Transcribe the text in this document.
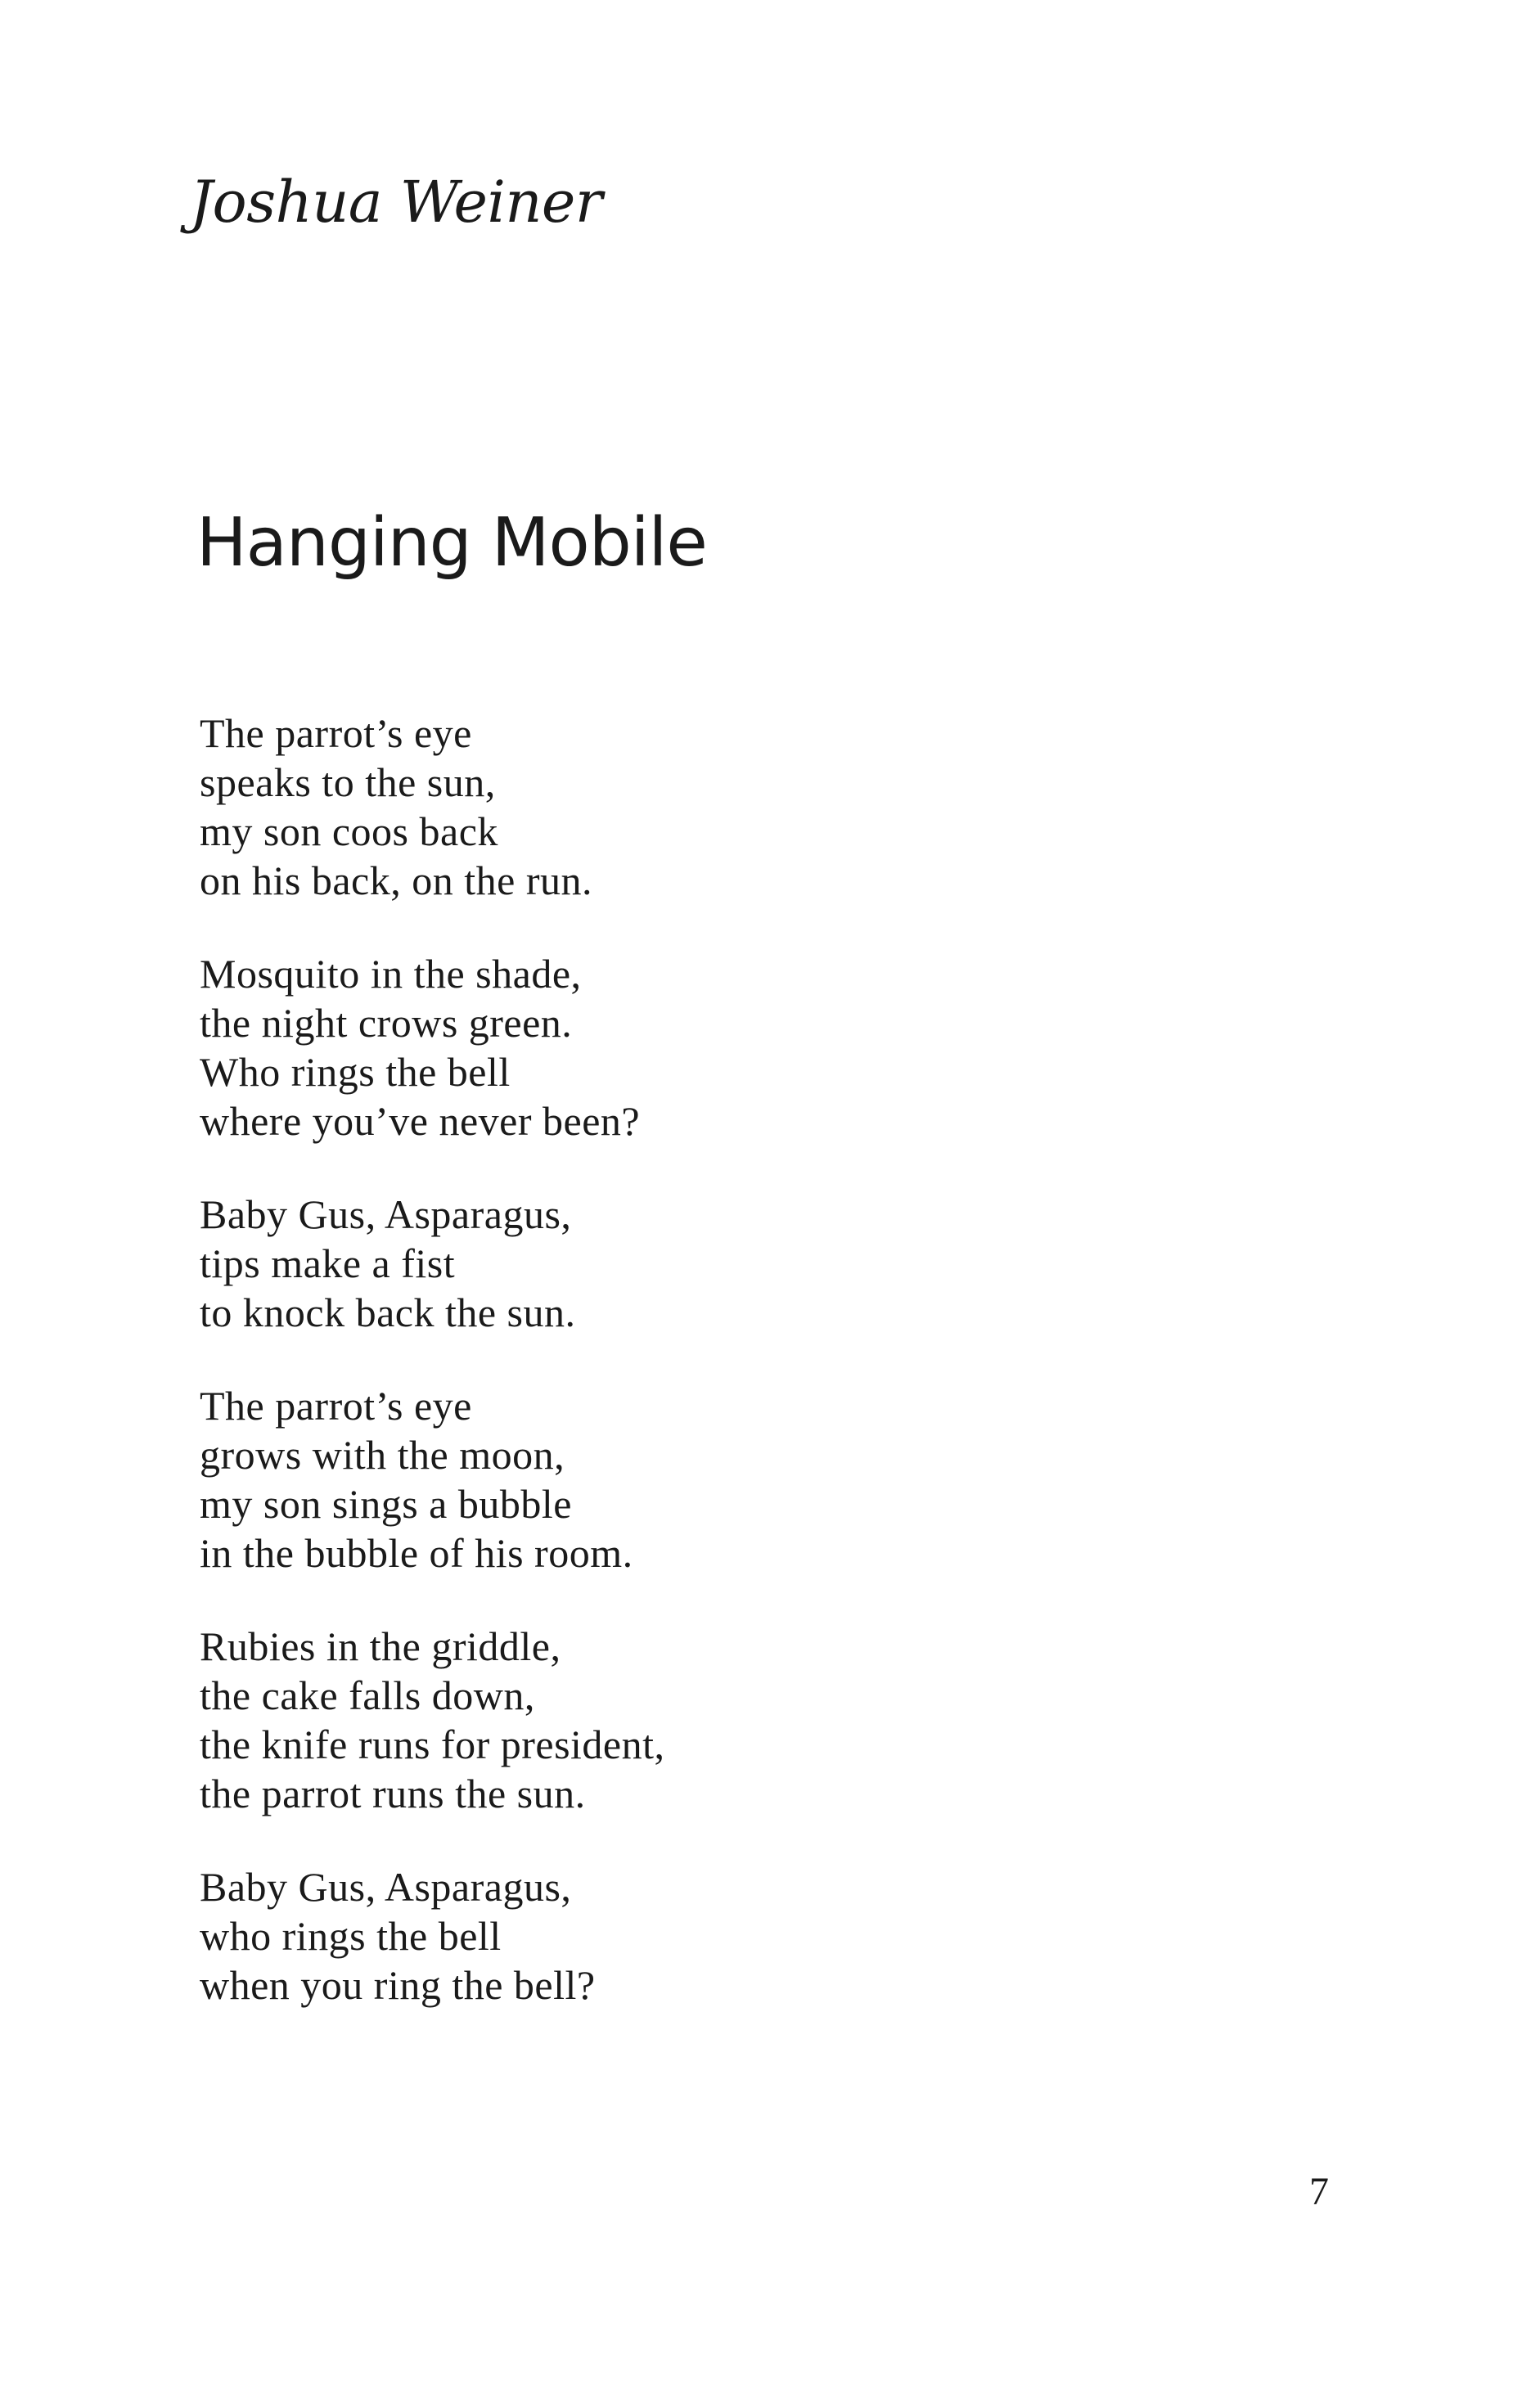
Joshua Weiner
Hanging Mobile
The parrot’s eye
speaks to the sun,
my son coos back
on his back, on the run.
Mosquito in the shade,
the night crows green.
Who rings the bell
where you’ve never been?
Baby Gus, Asparagus,
tips make a fist
to knock back the sun.
The parrot’s eye
grows with the moon,
my son sings a bubble
in the bubble of his room.
Rubies in the griddle,
the cake falls down,
the knife runs for president,
the parrot runs the sun.
Baby Gus, Asparagus,
who rings the bell
when you ring the bell?
7
